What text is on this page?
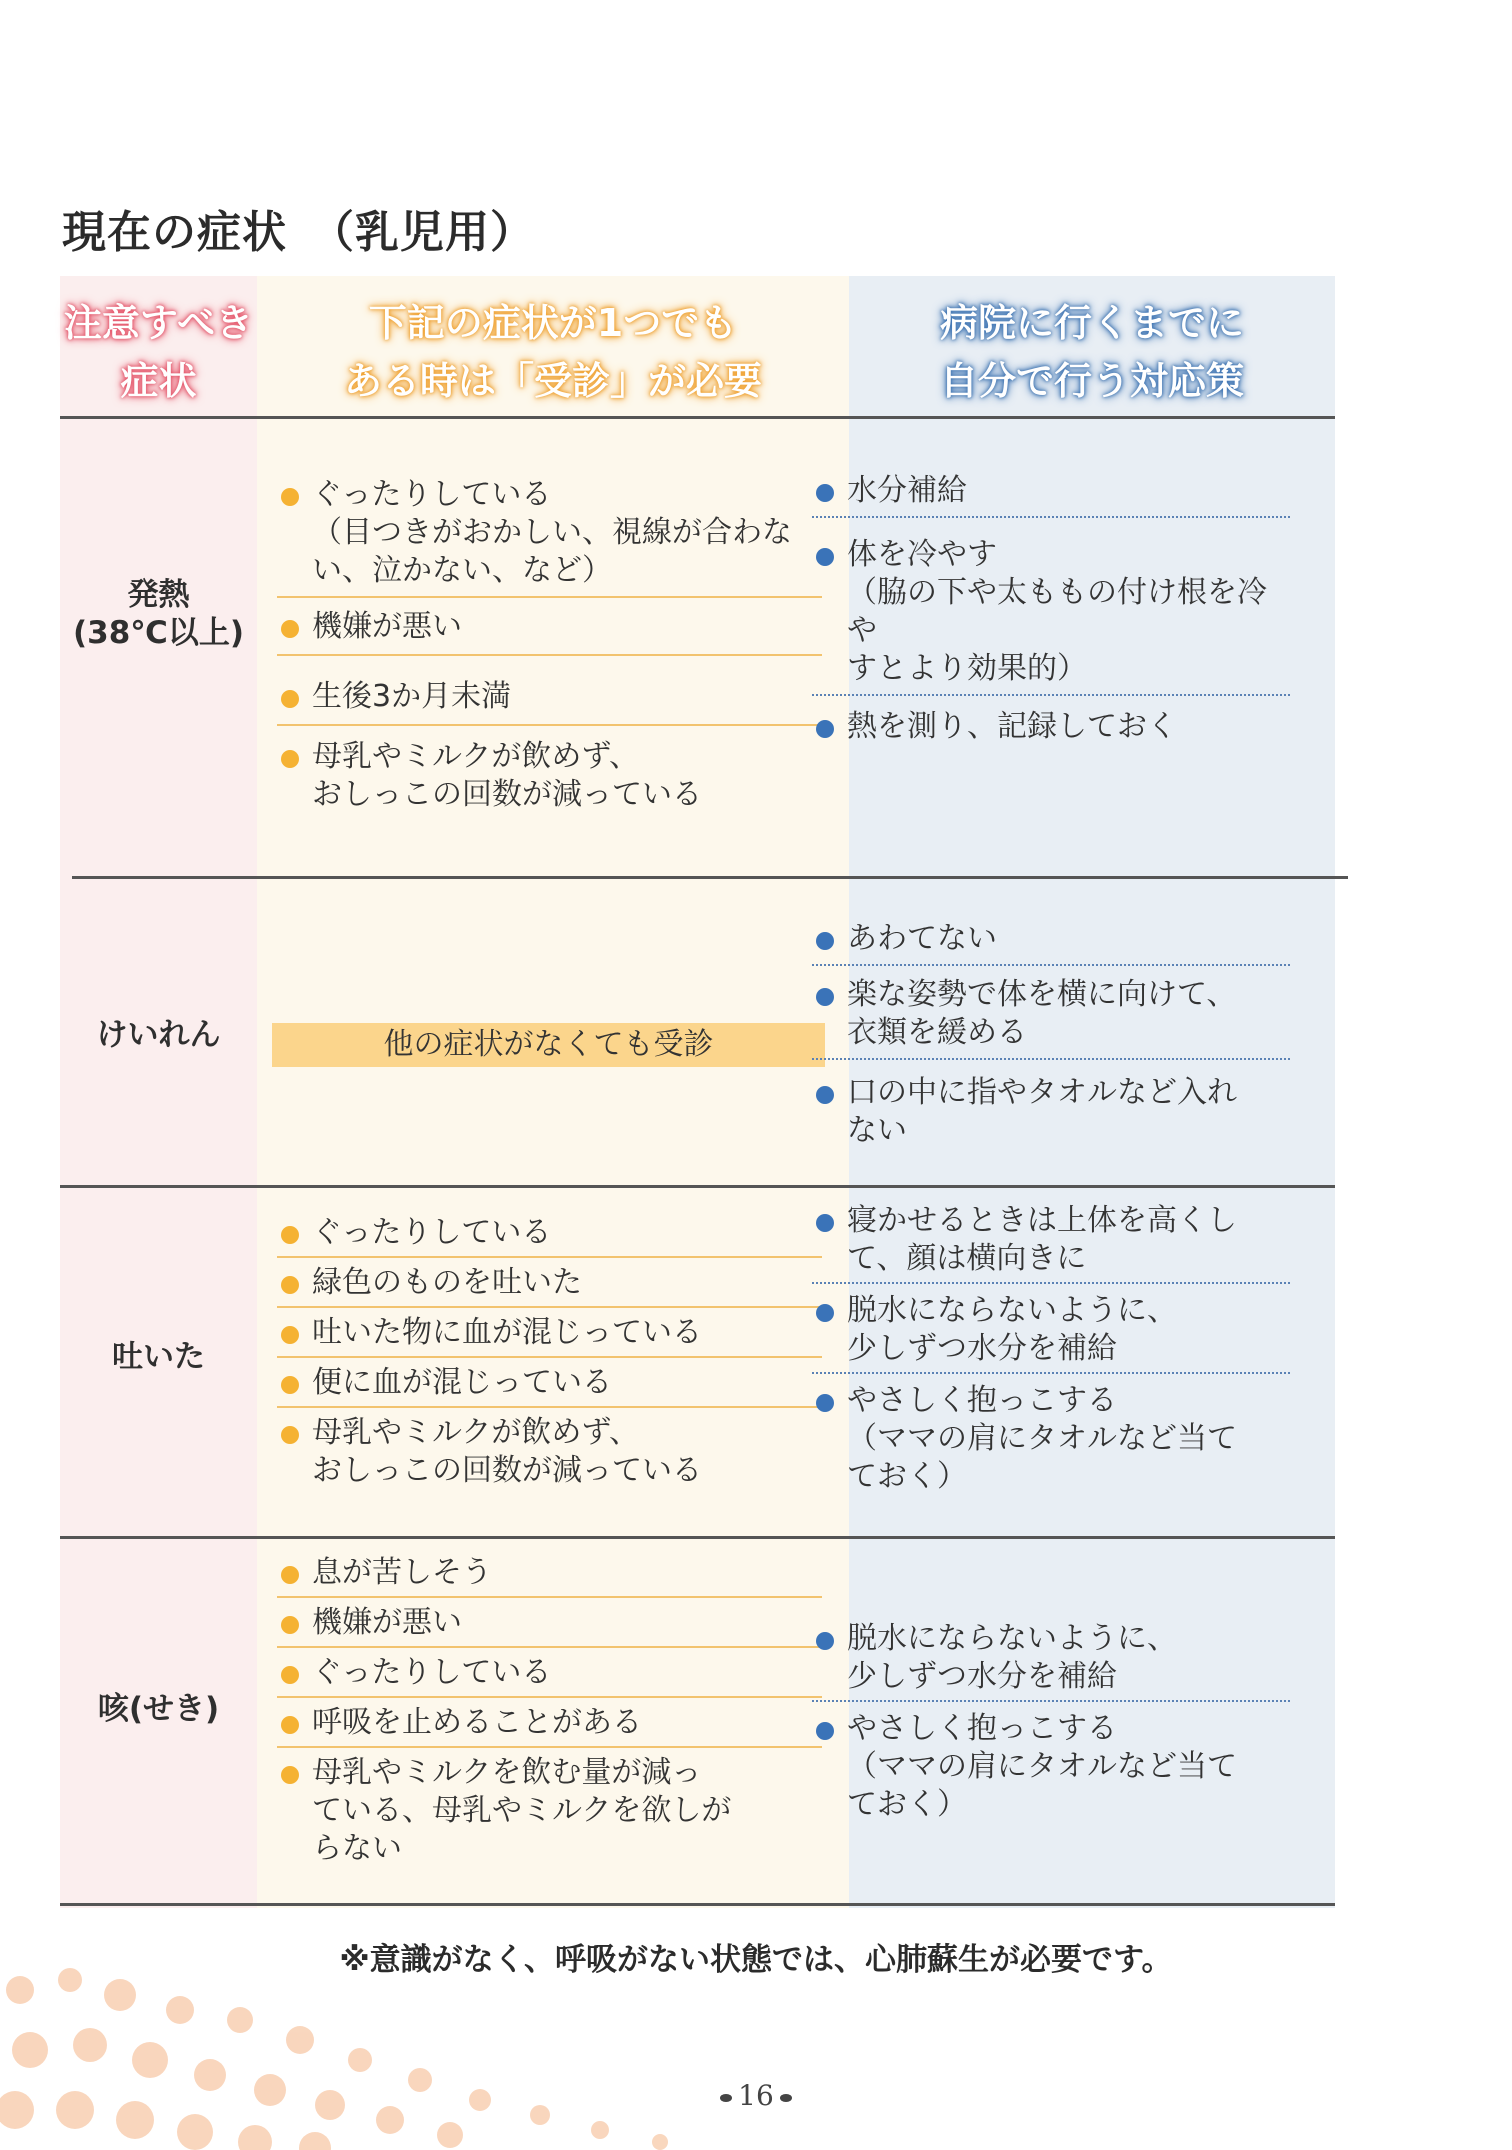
現在の症状　（乳児用）
注意すべき
症状
下記の症状が1つでも
ある時は「受診」が必要
病院に行くまでに
自分で行う対応策
発熱
(38℃以上)
ぐったりしている
（目つきがおかしい、視線が合わな
い、泣かない、など）
機嫌が悪い
生後3か月未満
母乳やミルクが飲めず、
おしっこの回数が減っている
水分補給
体を冷やす
（脇の下や太ももの付け根を冷や
すとより効果的）
熱を測り、記録しておく
けいれん	他の症状がなくても受診
あわてない
楽な姿勢で体を横に向けて、
衣類を緩める
口の中に指やタオルなど入れ
ない
吐いた
ぐったりしている
緑色のものを吐いた
吐いた物に血が混じっている
便に血が混じっている
母乳やミルクが飲めず、
おしっこの回数が減っている
寝かせるときは上体を高くし
て、顔は横向きに
脱水にならないように、
少しずつ水分を補給
やさしく抱っこする
（ママの肩にタオルなど当て
ておく）
咳(せき)
息が苦しそう
機嫌が悪い
ぐったりしている
呼吸を止めることがある
母乳やミルクを飲む量が減っ
ている、母乳やミルクを欲しが
らない
脱水にならないように、
少しずつ水分を補給
やさしく抱っこする
（ママの肩にタオルなど当て
ておく）
※意識がなく、呼吸がない状態では、心肺蘇生が必要です。
16
